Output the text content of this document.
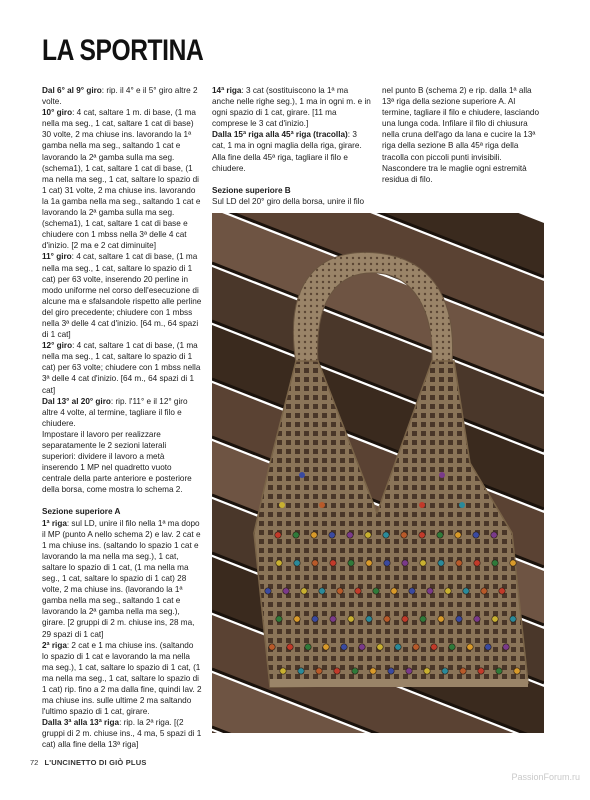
LA SPORTINA

Dal 6° al 9° giro: rip. il 4° e il 5° giro altre 2 volte.

10° giro: 4 cat, saltare 1 m. di base, (1 ma nella ma seg., 1 cat, saltare 1 cat di base) 30 volte, 2 ma chiuse ins. lavorando la 1ª gamba nella ma seg., saltando 1 cat e lavorando la 2ª gamba sulla ma seg. (schema1), 1 cat, saltare 1 cat di base, (1 ma nella ma seg., 1 cat, saltare lo spazio di 1 cat) 31 volte, 2 ma chiuse ins. lavorando la 1a gamba nella ma seg., saltando 1 cat e lavorando la 2ª gamba sulla ma seg. (schema1), 1 cat, saltare 1 cat di base e chiudere con 1 mbss nella 3ª delle 4 cat d'inizio. [2 ma e 2 cat diminuite]

11° giro: 4 cat, saltare 1 cat di base, (1 ma nella ma seg., 1 cat, saltare lo spazio di 1 cat) per 63 volte, inserendo 20 perline in modo uniforme nel corso dell'esecuzione di alcune ma e sfalsandole rispetto alle perline del giro precedente; chiudere con 1 mbss nella 3ª delle 4 cat d'inizio. [64 m., 64 spazi di 1 cat]

12° giro: 4 cat, saltare 1 cat di base, (1 ma nella ma seg., 1 cat, saltare lo spazio di 1 cat) per 63 volte; chiudere con 1 mbss nella 3ª delle 4 cat d'inizio. [64 m., 64 spazi di 1 cat]

Dal 13° al 20° giro: rip. l'11° e il 12° giro altre 4 volte, al termine, tagliare il filo e chiudere.

Impostare il lavoro per realizzare separatamente le 2 sezioni laterali superiori: dividere il lavoro a metà inserendo 1 MP nel quadretto vuoto centrale della parte anteriore e posteriore della borsa, come mostra lo schema 2.

Sezione superiore A

1ª riga: sul LD, unire il filo nella 1ª ma dopo il MP (punto A nello schema 2) e lav. 2 cat e 1 ma chiuse ins. (saltando lo spazio 1 cat e lavorando la ma nella ma seg.), 1 cat, saltare lo spazio di 1 cat, (1 ma nella ma seg., 1 cat, saltare lo spazio di 1 cat) 28 volte, 2 ma chiuse ins. (lavorando la 1ª gamba nella ma seg., saltando 1 cat e lavorando la 2ª gamba nella ma seg.), girare. [2 gruppi di 2 m. chiuse ins, 28 ma, 29 spazi di 1 cat]

2ª riga: 2 cat e 1 ma chiuse ins. (saltando lo spazio di 1 cat e lavorando la ma nella ma seg.), 1 cat, saltare lo spazio di 1 cat, (1 ma nella ma seg., 1 cat, saltare lo spazio di 1 cat) rip. fino a 2 ma dalla fine, quindi lav. 2 ma chiuse ins. sulle ultime 2 ma saltando l'ultimo spazio di 1 cat, girare.

Dalla 3ª alla 13ª riga: rip. la 2ª riga. [(2 gruppi di 2 m. chiuse ins., 4 ma, 5 spazi di 1 cat) alla fine della 13ª riga]

14ª riga: 3 cat (sostituiscono la 1ª ma anche nelle righe seg.), 1 ma in ogni m. e in ogni spazio di 1 cat, girare. [11 ma comprese le 3 cat d'inizio.]

Dalla 15ª riga alla 45ª riga (tracolla): 3 cat, 1 ma in ogni maglia della riga, girare. Alla fine della 45ª riga, tagliare il filo e chiudere.

Sezione superiore B

Sul LD del 20° giro della borsa, unire il filo

nel punto B (schema 2) e rip. dalla 1ª alla 13ª riga della sezione superiore A. Al termine, tagliare il filo e chiudere, lasciando una lunga coda. Infilare il filo di chiusura nella cruna dell'ago da lana e cucire la 13ª riga della sezione B alla 45ª riga della tracolla con piccoli punti invisibili. Nascondere tra le maglie ogni estremità residua di filo.

72 L'UNCINETTO DI GIÒ PLUS
PassionForum.ru
